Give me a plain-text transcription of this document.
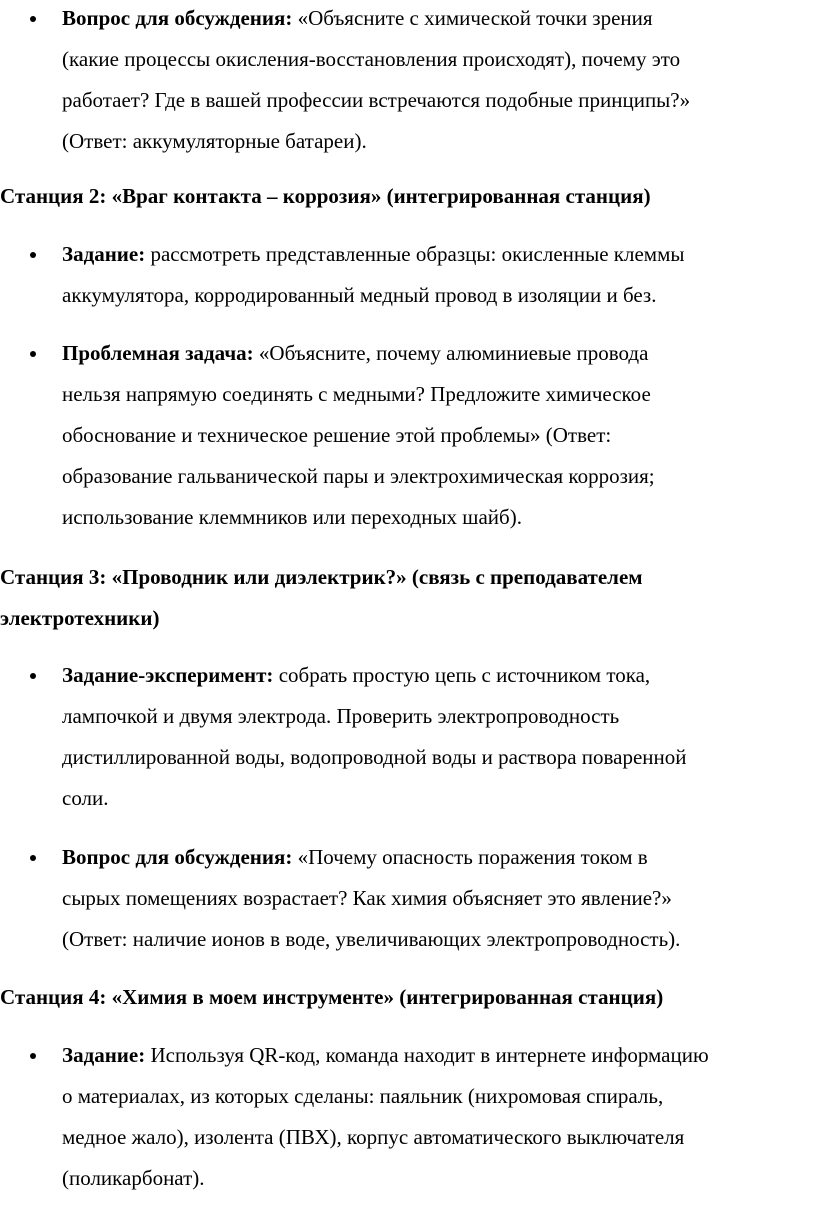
Вопрос для обсуждения: «Объясните с химической точки зрения
(какие процессы окисления-восстановления происходят), почему это
работает? Где в вашей профессии встречаются подобные принципы?»
(Ответ: аккумуляторные батареи).
Станция 2: «Враг контакта – коррозия» (интегрированная станция)
Задание: рассмотреть представленные образцы: окисленные клеммы
аккумулятора, корродированный медный провод в изоляции и без.
Проблемная задача: «Объясните, почему алюминиевые провода
нельзя напрямую соединять с медными? Предложите химическое
обоснование и техническое решение этой проблемы» (Ответ:
образование гальванической пары и электрохимическая коррозия;
использование клеммников или переходных шайб).
Станция 3: «Проводник или диэлектрик?» (связь с преподавателем
электротехники)
Задание-эксперимент: собрать простую цепь с источником тока,
лампочкой и двумя электрода. Проверить электропроводность
дистиллированной воды, водопроводной воды и раствора поваренной
соли.
Вопрос для обсуждения: «Почему опасность поражения током в
сырых помещениях возрастает? Как химия объясняет это явление?»
(Ответ: наличие ионов в воде, увеличивающих электропроводность).
Станция 4: «Химия в моем инструменте» (интегрированная станция)
Задание: Используя QR-код, команда находит в интернете информацию
о материалах, из которых сделаны: паяльник (нихромовая спираль,
медное жало), изолента (ПВХ), корпус автоматического выключателя
(поликарбонат).
